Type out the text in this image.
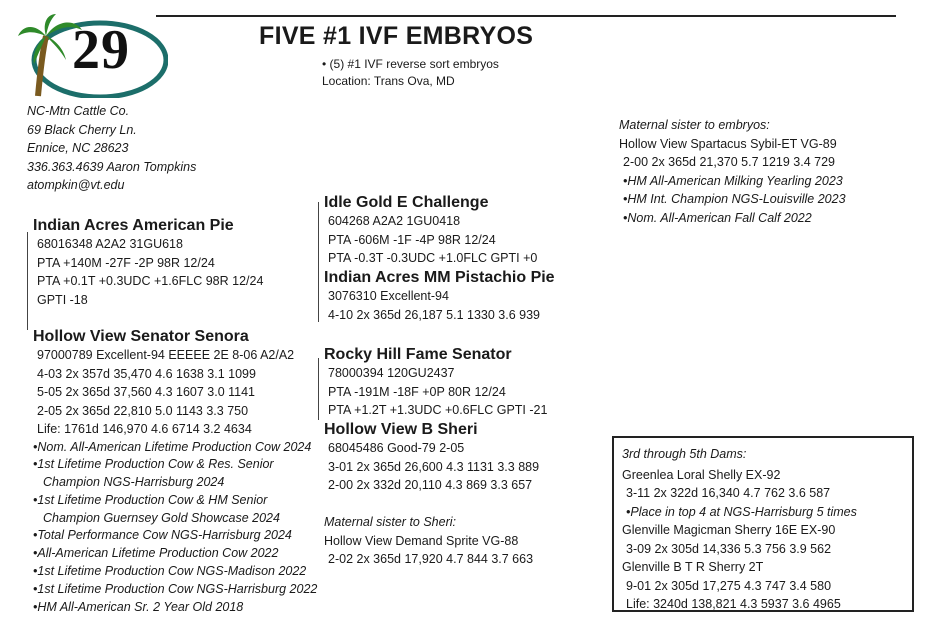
29	FIVE #1 IVF EMBRYOS
• (5) #1 IVF reverse sort embryos
Location: Trans Ova, MD
NC-Mtn Cattle Co.
69 Black Cherry Ln.
Ennice, NC 28623
336.363.4639 Aaron Tompkins
atompkin@vt.edu
Indian Acres American Pie
68016348 A2A2 31GU618
PTA +140M -27F -2P 98R 12/24
PTA +0.1T +0.3UDC +1.6FLC 98R 12/24
GPTI -18
Hollow View Senator Senora
97000789 Excellent-94 EEEEE 2E 8-06 A2/A2
4-03 2x 357d 35,470 4.6 1638 3.1 1099
5-05 2x 365d 37,560 4.3 1607 3.0 1141
2-05 2x 365d 22,810 5.0 1143 3.3 750
Life: 1761d 146,970 4.6 6714 3.2 4634
•Nom. All-American Lifetime Production Cow 2024
•1st Lifetime Production Cow & Res. Senior
Champion NGS-Harrisburg 2024
•1st Lifetime Production Cow & HM Senior
Champion Guernsey Gold Showcase 2024
•Total Performance Cow NGS-Harrisburg 2024
•All-American Lifetime Production Cow 2022
•1st Lifetime Production Cow NGS-Madison 2022
•1st Lifetime Production Cow NGS-Harrisburg 2022
•HM All-American Sr. 2 Year Old 2018
Idle Gold E Challenge
604268 A2A2 1GU0418
PTA -606M -1F -4P 98R 12/24
PTA -0.3T -0.3UDC +1.0FLC GPTI +0
Indian Acres MM Pistachio Pie
3076310 Excellent-94
4-10 2x 365d 26,187 5.1 1330 3.6 939
Rocky Hill Fame Senator
78000394 120GU2437
PTA -191M -18F +0P 80R 12/24
PTA +1.2T +1.3UDC +0.6FLC GPTI -21
Hollow View B Sheri
68045486 Good-79 2-05
3-01 2x 365d 26,600 4.3 1131 3.3 889
2-00 2x 332d 20,110 4.3 869 3.3 657
Maternal sister to Sheri:
Hollow View Demand Sprite VG-88
2-02 2x 365d 17,920 4.7 844 3.7 663
Maternal sister to embryos:
Hollow View Spartacus Sybil-ET VG-89
2-00 2x 365d 21,370 5.7 1219 3.4 729
•HM All-American Milking Yearling 2023
•HM Int. Champion NGS-Louisville 2023
•Nom. All-American Fall Calf 2022
3rd through 5th Dams:
Greenlea Loral Shelly EX-92
3-11 2x 322d 16,340 4.7 762 3.6 587
•Place in top 4 at NGS-Harrisburg 5 times
Glenville Magicman Sherry 16E EX-90
3-09 2x 305d 14,336 5.3 756 3.9 562
Glenville B T R Sherry 2T
9-01 2x 305d 17,275 4.3 747 3.4 580
Life: 3240d 138,821 4.3 5937 3.6 4965
